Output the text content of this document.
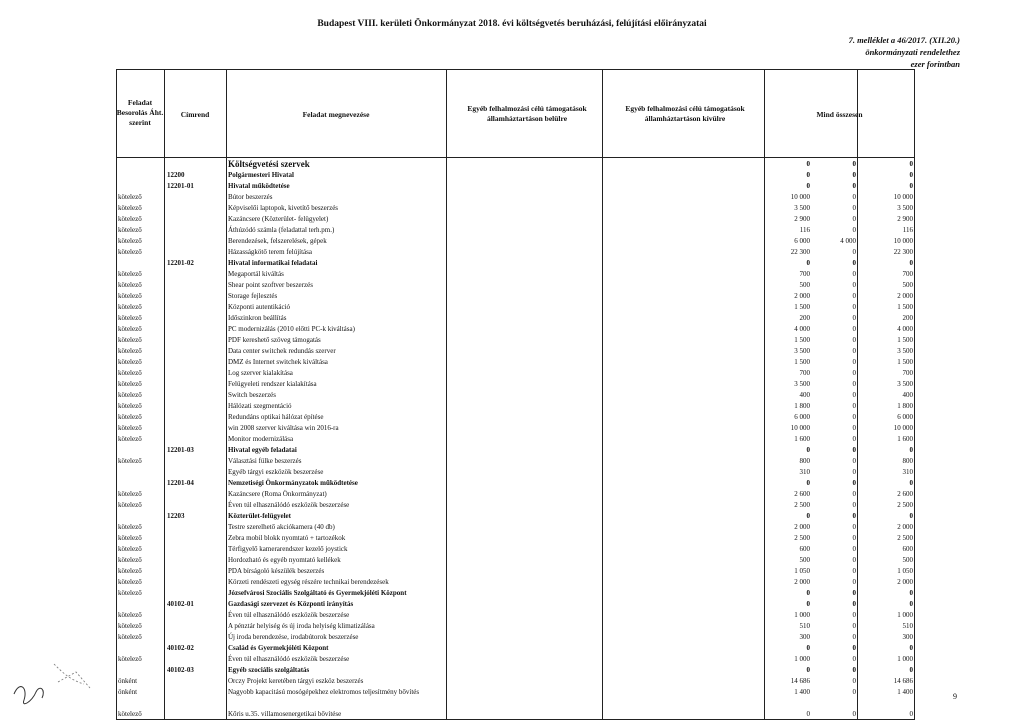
Budapest VIII. kerületi Önkormányzat 2018. évi költségvetés beruházási, felújítási előirányzatai
7. melléklet a 46/2017. (XII.20.)
önkormányzati rendelethez
ezer forintban
Feladat Besorolás Áht. szerint
Címrend	Feladat megnevezése
Egyéb felhalmozási célú támogatások államháztartáson belülre
Egyéb felhalmozási célú támogatások államháztartáson kívülre	Mind összesen
Költségvetési szervek	0	0	0
12200	Polgármesteri Hivatal	0	0	0
12201-01	Hivatal működtetése	0	0	0
kötelező	Bútor beszerzés	10 000	0	10 000
kötelező	Képviselői laptopok, kivetítő beszerzés	3 500	0	3 500
kötelező	Kazáncsere (Közterület- felügyelet)	2 900	0	2 900
kötelező	Áthúzódó számla (feladattal terh.pm.)	116	0	116
kötelező	Berendezések, felszerelések, gépek	6 000	4 000	10 000
kötelező	Házasságkötő terem felújítása	22 300	0	22 300
12201-02	Hivatal informatikai feladatai	0	0	0
kötelező	Megaportál kiváltás	700	0	700
kötelező	Shear point szoftver beszerzés	500	0	500
kötelező	Storage fejlesztés	2 000	0	2 000
kötelező	Központi autentikáció	1 500	0	1 500
kötelező	Időszinkron beállítás	200	0	200
kötelező	PC modernizálás (2010 előtti PC-k kiváltása)	4 000	0	4 000
kötelező	PDF kereshető szöveg támogatás	1 500	0	1 500
kötelező	Data center switchek redundás szerver	3 500	0	3 500
kötelező	DMZ és Internet switchek kiváltása	1 500	0	1 500
kötelező	Log szerver kialakítása	700	0	700
kötelező	Felügyeleti rendszer kialakítása	3 500	0	3 500
kötelező	Switch beszerzés	400	0	400
kötelező	Hálózati szegmentáció	1 800	0	1 800
kötelező	Redundáns optikai hálózat építése	6 000	0	6 000
kötelező	win 2008 szerver kiváltása win 2016-ra	10 000	0	10 000
kötelező	Monitor modernizálása	1 600	0	1 600
12201-03	Hivatal egyéb feladatai	0	0	0
kötelező	Választási fülke beszerzés	800	0	800
Egyéb tárgyi eszközök beszerzése	310	0	310
12201-04	Nemzetiségi Önkormányzatok működtetése	0	0	0
kötelező	Kazáncsere (Roma Önkormányzat)	2 600	0	2 600
kötelező	Éven túl elhasználódó eszközök beszerzése	2 500	0	2 500
12203	Közterület-felügyelet	0	0	0
kötelező	Testre szerelhető akciókamera (40 db)	2 000	0	2 000
kötelező	Zebra mobil blokk nyomtató + tartozékok	2 500	0	2 500
kötelező	Térfigyelő kamerarendszer kezelő joystick	600	0	600
kötelező	Hordozható és egyéb nyomtató kellékek	500	0	500
kötelező	PDA bírságoló készülék beszerzés	1 050	0	1 050
kötelező	Körzeti rendészeti egység részére technikai berendezések	2 000	0	2 000
kötelező	Józsefvárosi Szociális Szolgáltató és Gyermekjóléti Központ	0	0	0
40102-01	Gazdasági szervezet és Központi irányítás	0	0	0
kötelező	Éven túl elhasználódó eszközök beszerzése	1 000	0	1 000
kötelező	A pénztár helyiség és új iroda helyiség klimatizálása	510	0	510
kötelező	Új iroda berendezése, irodabútorok beszerzése	300	0	300
40102-02	Család és Gyermekjóléti Központ	0	0	0
kötelező	Éven túl elhasználódó eszközök beszerzése	1 000	0	1 000
40102-03	Egyéb szociális szolgáltatás	0	0	0
önként	Orczy Projekt keretében tárgyi eszköz beszerzés	14 686	0	14 686
önként	Nagyobb kapacitású mosógépekhez elektromos teljesítmény bővítés	1 400	0	1 400
kötelező	Kőris u.35. villamosenergetikai bővítése	0	0	0
9
